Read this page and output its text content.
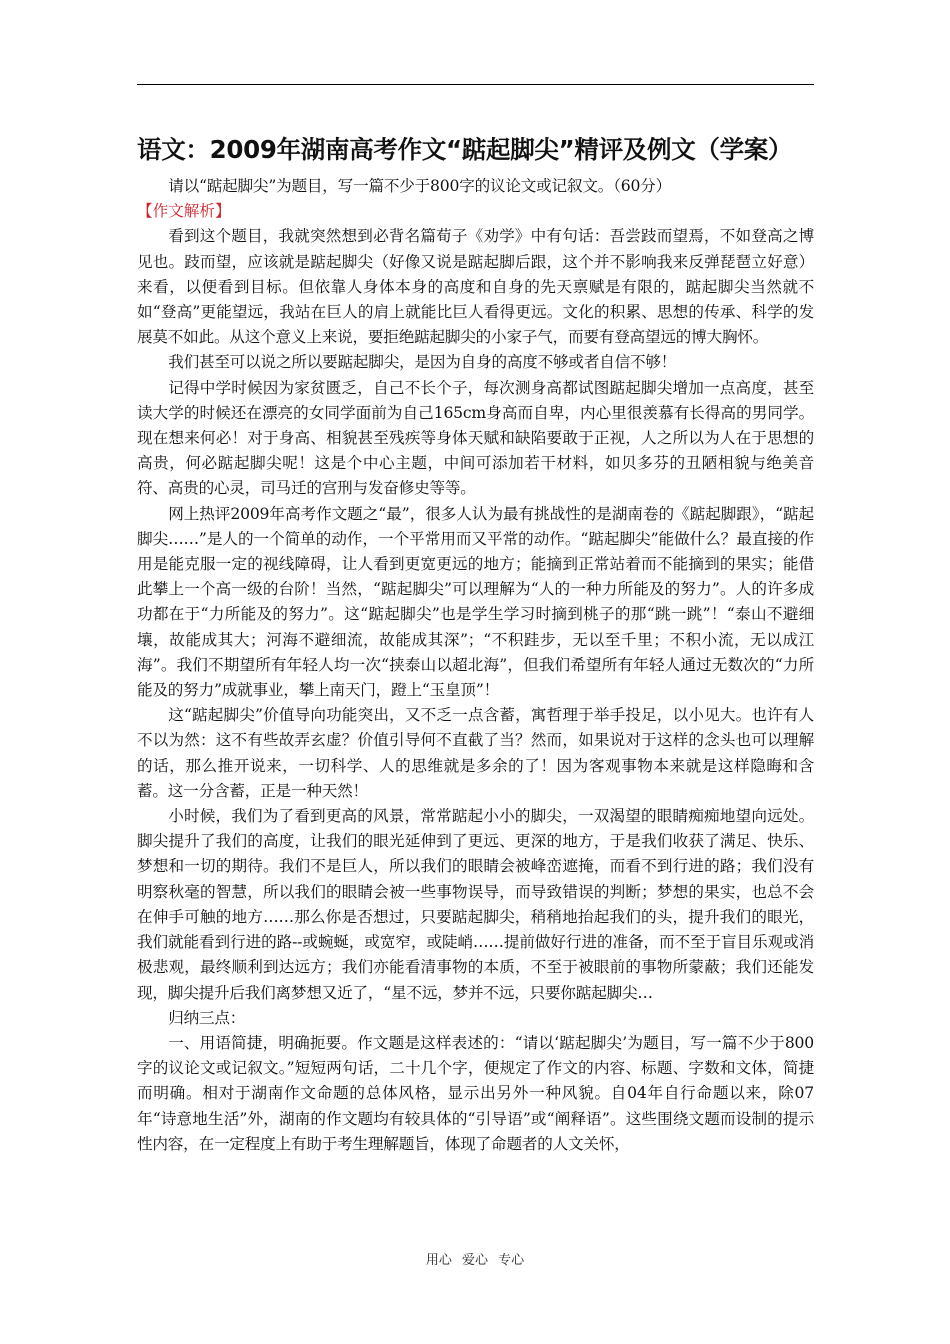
语文：2009年湖南高考作文“踮起脚尖”精评及例文（学案）

请以“踮起脚尖”为题目，写一篇不少于800字的议论文或记叙文。（60分）

【作文解析】

看到这个题目，我就突然想到必背名篇荀子《劝学》中有句话：吾尝跂而望焉，不如登高之博见也。跂而望，应该就是踮起脚尖（好像又说是踮起脚后跟，这个并不影响我来反弹琵琶立好意）来看，以便看到目标。但依靠人身体本身的高度和自身的先天禀赋是有限的，踮起脚尖当然就不如“登高”更能望远，我站在巨人的肩上就能比巨人看得更远。文化的积累、思想的传承、科学的发展莫不如此。从这个意义上来说，要拒绝踮起脚尖的小家子气，而要有登高望远的博大胸怀。

我们甚至可以说之所以要踮起脚尖，是因为自身的高度不够或者自信不够！

记得中学时候因为家贫匮乏，自己不长个子，每次测身高都试图踮起脚尖增加一点高度，甚至读大学的时候还在漂亮的女同学面前为自己165cm身高而自卑，内心里很羡慕有长得高的男同学。现在想来何必！对于身高、相貌甚至残疾等身体天赋和缺陷要敢于正视，人之所以为人在于思想的高贵，何必踮起脚尖呢！这是个中心主题，中间可添加若干材料，如贝多芬的丑陋相貌与绝美音符、高贵的心灵，司马迁的宫刑与发奋修史等等。

网上热评2009年高考作文题之“最”，很多人认为最有挑战性的是湖南卷的《踮起脚跟》，“踮起脚尖……”是人的一个简单的动作，一个平常用而又平常的动作。“踮起脚尖”能做什么？最直接的作用是能克服一定的视线障碍，让人看到更宽更远的地方；能摘到正常站着而不能摘到的果实；能借此攀上一个高一级的台阶！当然，“踮起脚尖”可以理解为“人的一种力所能及的努力”。人的许多成功都在于“力所能及的努力”。这“踮起脚尖”也是学生学习时摘到桃子的那“跳一跳”！“泰山不避细壤，故能成其大；河海不避细流，故能成其深”；“不积跬步，无以至千里；不积小流，无以成江海”。我们不期望所有年轻人均一次“挟泰山以超北海”，但我们希望所有年轻人通过无数次的“力所能及的努力”成就事业，攀上南天门，蹬上“玉皇顶”！

这“踮起脚尖”价值导向功能突出，又不乏一点含蓄，寓哲理于举手投足，以小见大。也许有人不以为然：这不有些故弄玄虚？价值引导何不直截了当？然而，如果说对于这样的念头也可以理解的话，那么推开说来，一切科学、人的思维就是多余的了！因为客观事物本来就是这样隐晦和含蓄。这一分含蓄，正是一种天然！

小时候，我们为了看到更高的风景，常常踮起小小的脚尖，一双渴望的眼睛痴痴地望向远处。脚尖提升了我们的高度，让我们的眼光延伸到了更远、更深的地方，于是我们收获了满足、快乐、梦想和一切的期待。我们不是巨人，所以我们的眼睛会被峰峦遮掩，而看不到行进的路；我们没有明察秋毫的智慧，所以我们的眼睛会被一些事物误导，而导致错误的判断；梦想的果实，也总不会在伸手可触的地方……那么你是否想过，只要踮起脚尖，稍稍地抬起我们的头，提升我们的眼光，我们就能看到行进的路--或蜿蜒，或宽窄，或陡峭……提前做好行进的准备，而不至于盲目乐观或消极悲观，最终顺利到达远方；我们亦能看清事物的本质，不至于被眼前的事物所蒙蔽；我们还能发现，脚尖提升后我们离梦想又近了，“星不远，梦并不远，只要你踮起脚尖…

归纳三点：

一、用语简捷，明确扼要。作文题是这样表述的：“请以‘踮起脚尖’为题目，写一篇不少于800字的议论文或记叙文。”短短两句话，二十几个字，便规定了作文的内容、标题、字数和文体，简捷而明确。相对于湖南作文命题的总体风格，显示出另外一种风貌。自04年自行命题以来，除07年“诗意地生活”外，湖南的作文题均有较具体的“引导语”或“阐释语”。这些围绕文题而设制的提示性内容，在一定程度上有助于考生理解题旨，体现了命题者的人文关怀，

用心 爱心 专心
